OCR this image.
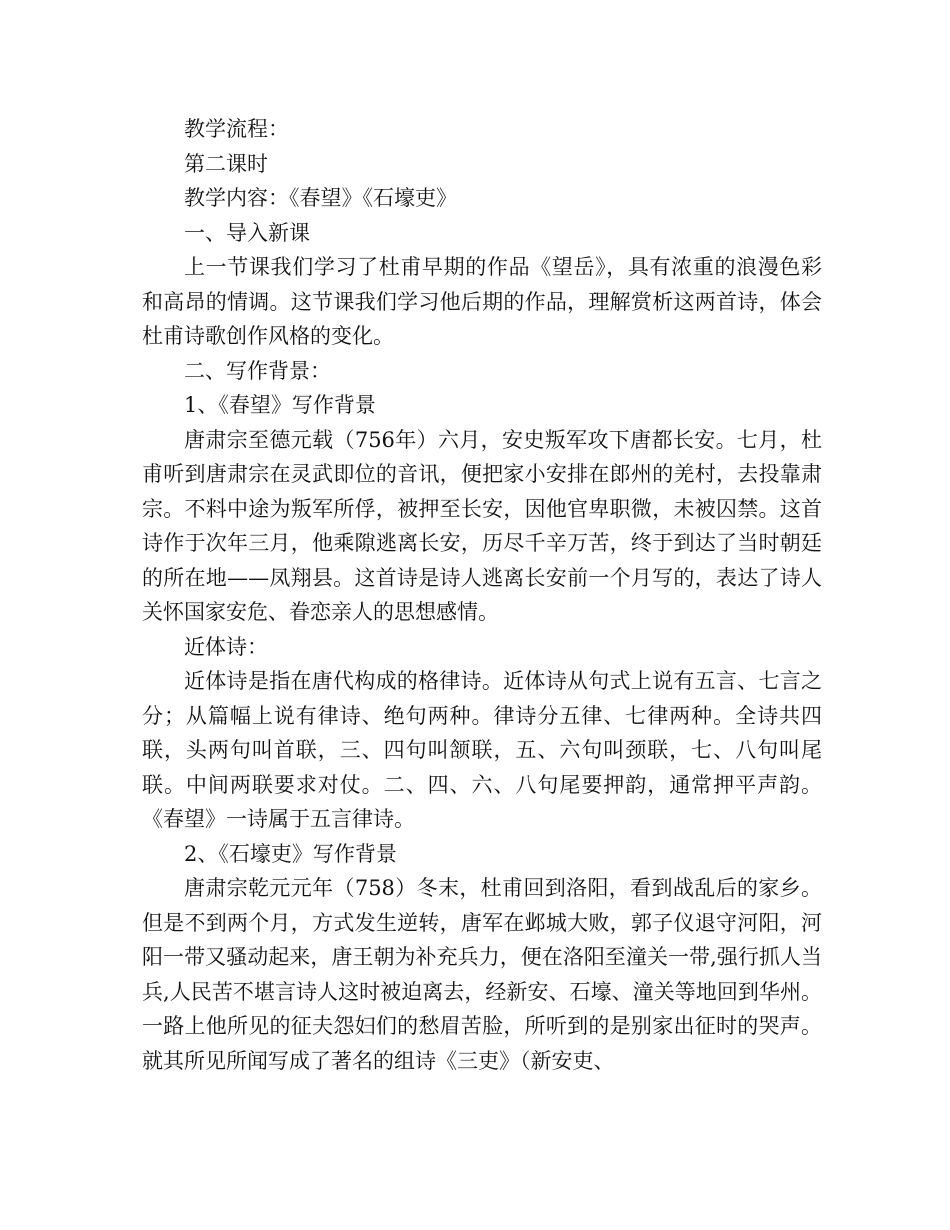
教学流程：

第二课时

教学内容：《春望》《石壕吏》

一、导入新课

上一节课我们学习了杜甫早期的作品《望岳》，具有浓重的浪漫色彩和高昂的情调。这节课我们学习他后期的作品，理解赏析这两首诗，体会杜甫诗歌创作风格的变化。

二、写作背景：

1、《春望》写作背景

唐肃宗至德元载（756年）六月，安史叛军攻下唐都长安。七月，杜甫听到唐肃宗在灵武即位的音讯，便把家小安排在郎州的羌村，去投靠肃宗。不料中途为叛军所俘，被押至长安，因他官卑职微，未被囚禁。这首诗作于次年三月，他乘隙逃离长安，历尽千辛万苦，终于到达了当时朝廷的所在地——凤翔县。这首诗是诗人逃离长安前一个月写的，表达了诗人关怀国家安危、眷恋亲人的思想感情。

近体诗：

近体诗是指在唐代构成的格律诗。近体诗从句式上说有五言、七言之分；从篇幅上说有律诗、绝句两种。律诗分五律、七律两种。全诗共四联，头两句叫首联，三、四句叫颔联，五、六句叫颈联，七、八句叫尾联。中间两联要求对仗。二、四、六、八句尾要押韵，通常押平声韵。《春望》一诗属于五言律诗。

2、《石壕吏》写作背景

唐肃宗乾元元年（758）冬末，杜甫回到洛阳，看到战乱后的家乡。但是不到两个月，方式发生逆转，唐军在邺城大败，郭子仪退守河阳，河阳一带又骚动起来，唐王朝为补充兵力，便在洛阳至潼关一带,强行抓人当兵,人民苦不堪言诗人这时被迫离去，经新安、石壕、潼关等地回到华州。一路上他所见的征夫怨妇们的愁眉苦脸，所听到的是别家出征时的哭声。就其所见所闻写成了著名的组诗《三吏》（新安吏、
